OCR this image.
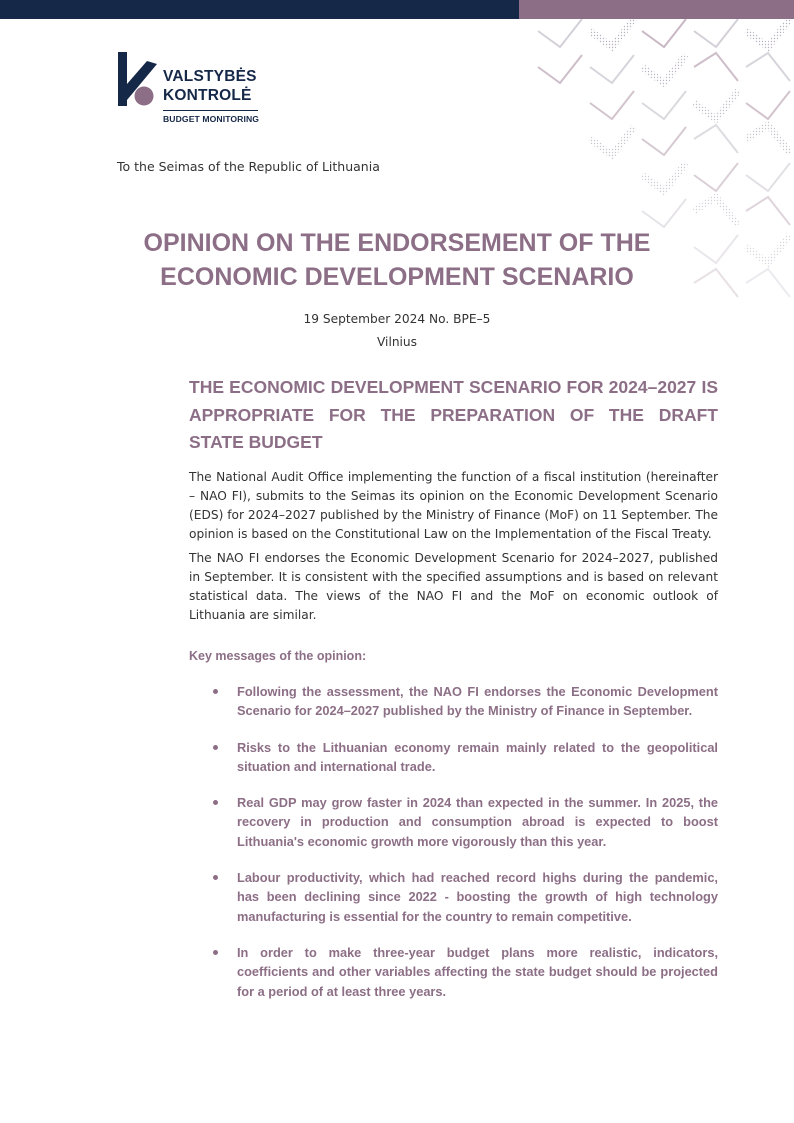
VALSTYBĖS
KONTROLĖ
BUDGET MONITORING
To the Seimas of the Republic of Lithuania
OPINION ON THE ENDORSEMENT OF THE
ECONOMIC DEVELOPMENT SCENARIO
19 September 2024 No. BPE–5
Vilnius
THE ECONOMIC DEVELOPMENT SCENARIO FOR 2024–2027 IS APPROPRIATE FOR THE PREPARATION OF THE DRAFT STATE BUDGET

The National Audit Office implementing the function of a fiscal institution (hereinafter – NAO FI), submits to the Seimas its opinion on the Economic Development Scenario (EDS) for 2024–2027 published by the Ministry of Finance (MoF) on 11 September. The opinion is based on the Constitutional Law on the Implementation of the Fiscal Treaty.

The NAO FI endorses the Economic Development Scenario for 2024–2027, published in September. It is consistent with the specified assumptions and is based on relevant statistical data. The views of the NAO FI and the MoF on economic outlook of Lithuania are similar.

Key messages of the opinion:
Following the assessment, the NAO FI endorses the Economic Development Scenario for 2024–2027 published by the Ministry of Finance in September.
Risks to the Lithuanian economy remain mainly related to the geopolitical situation and international trade.
Real GDP may grow faster in 2024 than expected in the summer. In 2025, the recovery in production and consumption abroad is expected to boost Lithuania's economic growth more vigorously than this year.
Labour productivity, which had reached record highs during the pandemic, has been declining since 2022 - boosting the growth of high technology manufacturing is essential for the country to remain competitive.
In order to make three-year budget plans more realistic, indicators, coefficients and other variables affecting the state budget should be projected for a period of at least three years.
